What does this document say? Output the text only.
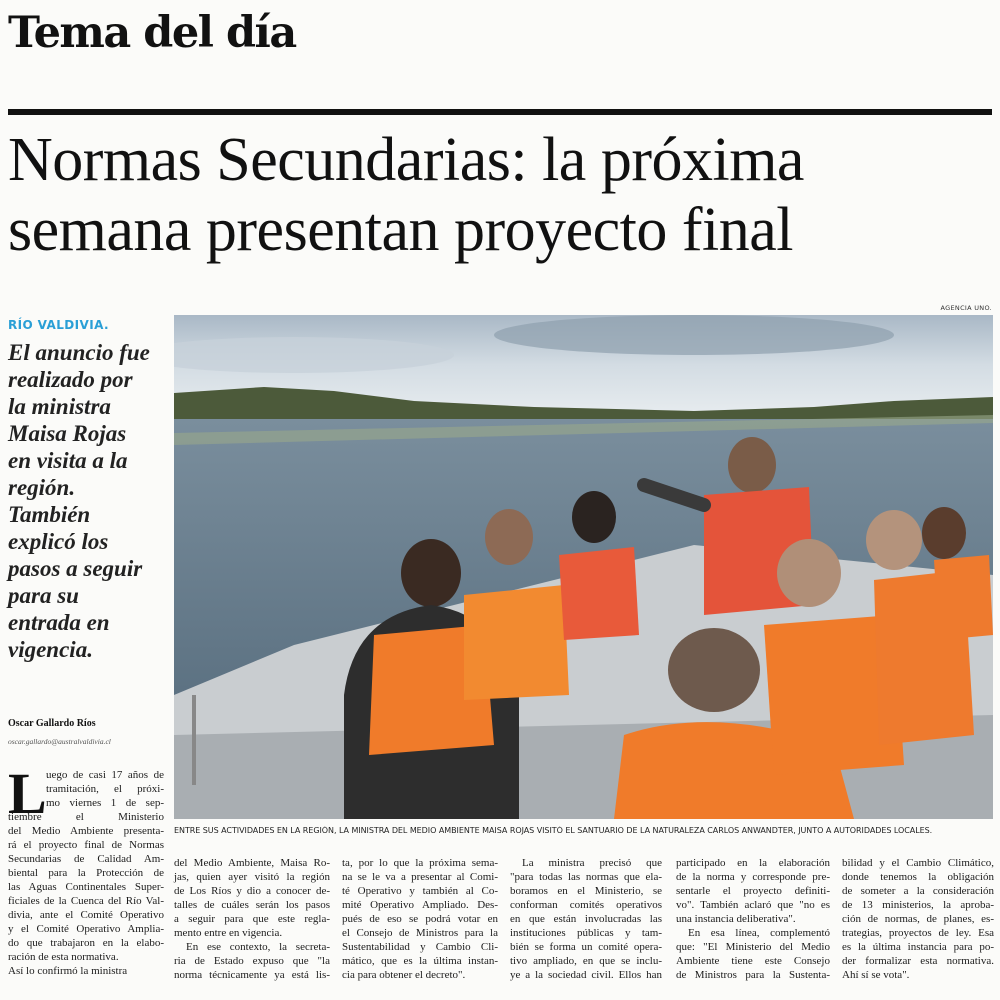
Tema del día
Normas Secundarias: la próxima
semana presentan proyecto final
RÍO VALDIVIA.
El anuncio fue
realizado por
la ministra
Maisa Rojas
en visita a la
región.
También
explicó los
pasos a seguir
para su
entrada en
vigencia.
Oscar Gallardo Ríos
oscar.gallardo@australvaldivia.cl
AGENCIA UNO.
ENTRE SUS ACTIVIDADES EN LA REGIÓN, LA MINISTRA DEL MEDIO AMBIENTE MAISA ROJAS VISITÓ EL SANTUARIO DE LA NATURALEZA CARLOS ANWANDTER, JUNTO A AUTORIDADES LOCALES.
L uego de casi 17 años de
tramitación, el próxi-
mo viernes 1 de sep-
tiembre el Ministerio
del Medio Ambiente presenta-
rá el proyecto final de Normas
Secundarias de Calidad Am-
biental para la Protección de
las Aguas Continentales Super-
ficiales de la Cuenca del Río Val-
divia, ante el Comité Operativo
y el Comité Operativo Amplia-
do que trabajaron en la elabo-
ración de esta normativa.
Así lo confirmó la ministra
del Medio Ambiente, Maisa Ro-
jas, quien ayer visitó la región
de Los Ríos y dio a conocer de-
talles de cuáles serán los pasos
a seguir para que este regla-
mento entre en vigencia.
En ese contexto, la secreta-
ria de Estado expuso que "la
norma técnicamente ya está lis-
ta, por lo que la próxima sema-
na se le va a presentar al Comi-
té Operativo y también al Co-
mité Operativo Ampliado. Des-
pués de eso se podrá votar en
el Consejo de Ministros para la
Sustentabilidad y Cambio Cli-
mático, que es la última instan-
cia para obtener el decreto".
La ministra precisó que
"para todas las normas que ela-
boramos en el Ministerio, se
conforman comités operativos
en que están involucradas las
instituciones públicas y tam-
bién se forma un comité opera-
tivo ampliado, en que se inclu-
ye a la sociedad civil. Ellos han
participado en la elaboración
de la norma y corresponde pre-
sentarle el proyecto definiti-
vo". También aclaró que "no es
una instancia deliberativa".
En esa línea, complementó
que: "El Ministerio del Medio
Ambiente tiene este Consejo
de Ministros para la Sustenta-
bilidad y el Cambio Climático,
donde tenemos la obligación
de someter a la consideración
de 13 ministerios, la aproba-
ción de normas, de planes, es-
trategias, proyectos de ley. Esa
es la última instancia para po-
der formalizar esta normativa.
Ahí sí se vota".
